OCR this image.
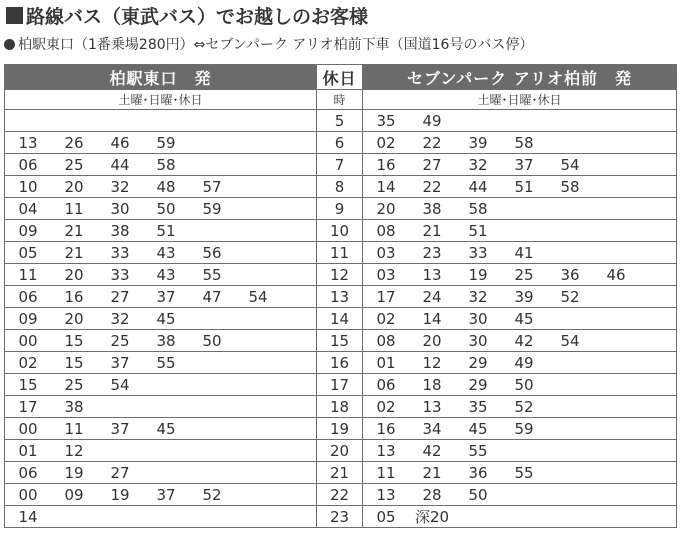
路線バス（東武バス）でお越しのお客様
柏駅東口（1番乗場280円）⇔セブンパーク アリオ柏前下車（国道16号のバス停）
柏駅東口　発	休日	セブンパーク アリオ柏前　発
土曜･日曜･休日	時	土曜･日曜･休日
	5	35 49
13 26 46 59	6	02 22 39 58
06 25 44 58	7	16 27 32 37 54
10 20 32 48 57	8	14 22 44 51 58
04 11 30 50 59	9	20 38 58
09 21 38 51	10	08 21 51
05 21 33 43 56	11	03 23 33 41
11 20 33 43 55	12	03 13 19 25 36 46
06 16 27 37 47 54	13	17 24 32 39 52
09 20 32 45	14	02 14 30 45
00 15 25 38 50	15	08 20 30 42 54
02 15 37 55	16	01 12 29 49
15 25 54	17	06 18 29 50
17 38	18	02 13 35 52
00 11 37 45	19	16 34 45 59
01 12	20	13 42 55
06 19 27	21	11 21 36 55
00 09 19 37 52	22	13 28 50
14	23	05 深20
